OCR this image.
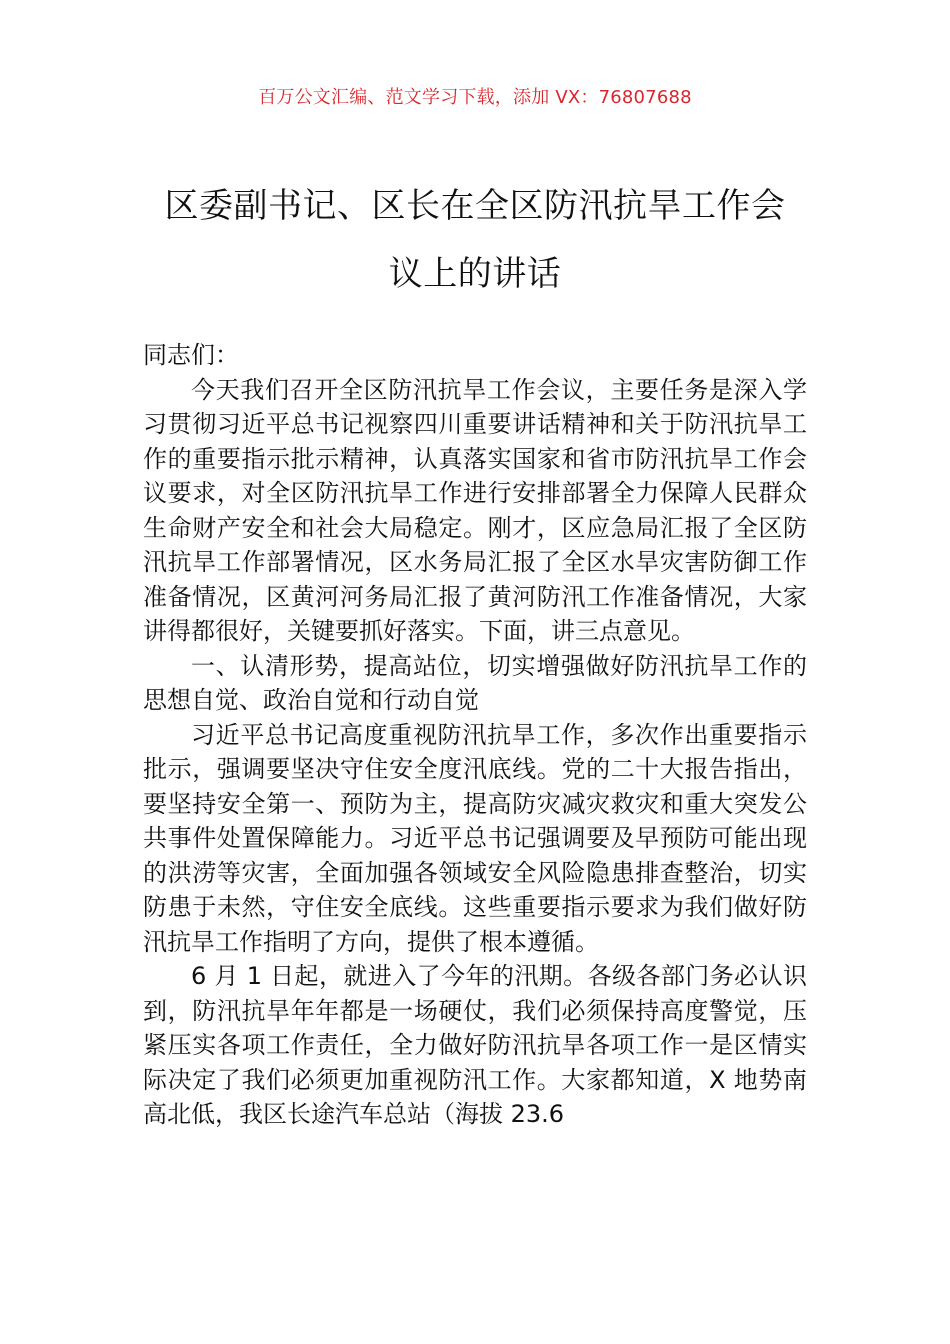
百万公文汇编、范文学习下载，添加 VX：76807688
区委副书记、区长在全区防汛抗旱工作会
议上的讲话

同志们：

今天我们召开全区防汛抗旱工作会议，主要任务是深入学习贯彻习近平总书记视察四川重要讲话精神和关于防汛抗旱工作的重要指示批示精神，认真落实国家和省市防汛抗旱工作会议要求，对全区防汛抗旱工作进行安排部署全力保障人民群众生命财产安全和社会大局稳定。刚才，区应急局汇报了全区防汛抗旱工作部署情况，区水务局汇报了全区水旱灾害防御工作准备情况，区黄河河务局汇报了黄河防汛工作准备情况，大家讲得都很好，关键要抓好落实。下面，讲三点意见。

一、认清形势，提高站位，切实增强做好防汛抗旱工作的思想自觉、政治自觉和行动自觉

习近平总书记高度重视防汛抗旱工作，多次作出重要指示批示，强调要坚决守住安全度汛底线。党的二十大报告指出，要坚持安全第一、预防为主，提高防灾减灾救灾和重大突发公共事件处置保障能力。习近平总书记强调要及早预防可能出现的洪涝等灾害，全面加强各领域安全风险隐患排查整治，切实防患于未然，守住安全底线。这些重要指示要求为我们做好防汛抗旱工作指明了方向，提供了根本遵循。

6 月 1 日起，就进入了今年的汛期。各级各部门务必认识到，防汛抗旱年年都是一场硬仗，我们必须保持高度警觉，压紧压实各项工作责任，全力做好防汛抗旱各项工作一是区情实际决定了我们必须更加重视防汛工作。大家都知道，X 地势南高北低，我区长途汽车总站（海拔 23.6
